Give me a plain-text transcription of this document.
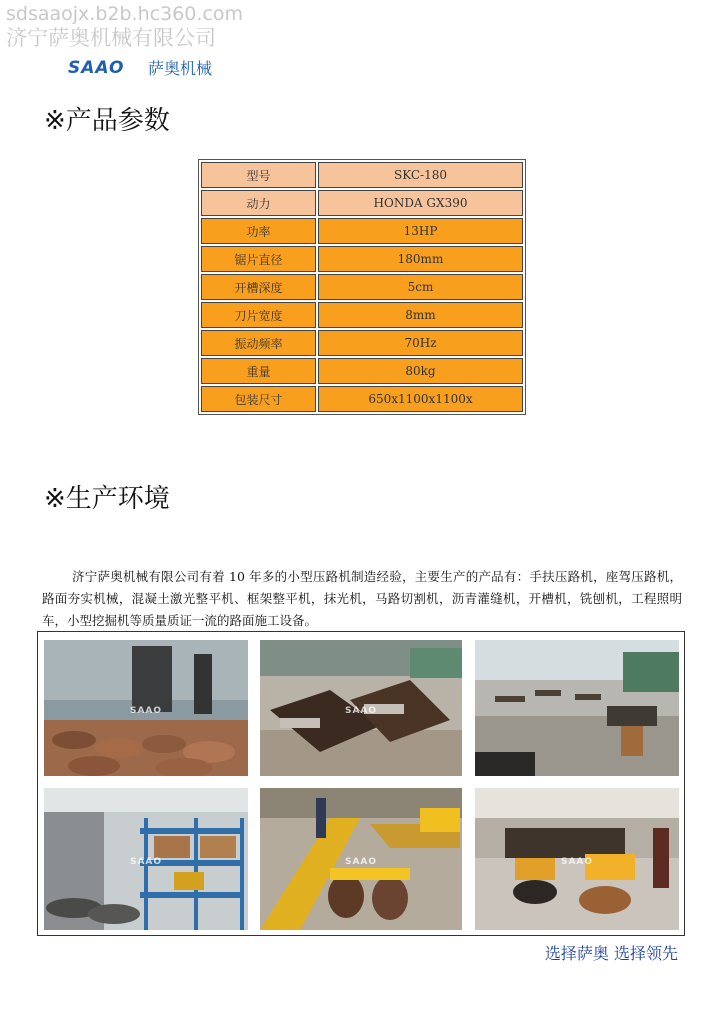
sdsaaojx.b2b.hc360.com
济宁萨奥机械有限公司
SAAO 萨奥机械
※产品参数
型号	SKC-180
动力	HONDA GX390
功率	13HP
锯片直径	180mm
开槽深度	5cm
刀片宽度	8mm
振动频率	70Hz
重量	80kg
包装尺寸	650x1100x1100x
※生产环境

济宁萨奥机械有限公司有着 10 年多的小型压路机制造经验，主要生产的产品有：手扶压路机，座驾压路机，路面夯实机械，混凝土激光整平机、框架整平机，抹光机，马路切割机，沥青灌缝机，开槽机，铣刨机，工程照明车，小型挖掘机等质量质证一流的路面施工设备。

SAAO	SAAO
SAAO	SAAO	SAAO
选择萨奥 选择领先
